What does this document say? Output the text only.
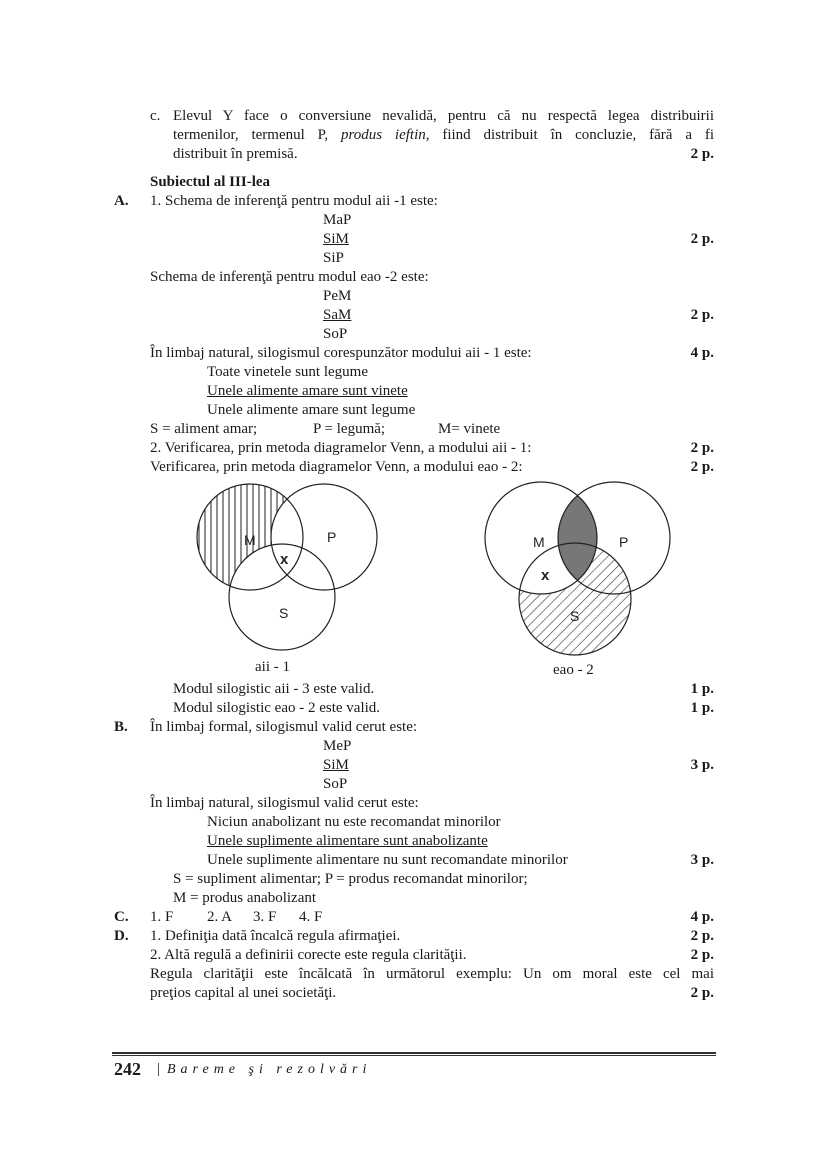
c. Elevul Y face o conversiune nevalidă, pentru că nu respectă legea distribuirii
termenilor, termenul P, produs ieftin, fiind distribuit în concluzie, fără a fi
distribuit în premisă.	2 p.
Subiectul al III-lea
A. 1. Schema de inferenţă pentru modul aii -1 este:
MaP
SiM	2 p.
SiP
Schema de inferenţă pentru modul eao -2 este:
PeM
SaM	2 p.
SoP
În limbaj natural, silogismul corespunzător modului aii - 1 este:	4 p.
Toate vinetele sunt legume
Unele alimente amare sunt vinete
Unele alimente amare sunt legume
S = aliment amar;	P = legumă;	M= vinete
2. Verificarea, prin metoda diagramelor Venn, a modului aii - 1:	2 p.
Verificarea, prin metoda diagramelor Venn, a modului eao - 2:	2 p.
M	P
S
x
aii - 1
M	P
S
x
eao - 2
Modul silogistic aii - 3 este valid.	1 p.
Modul silogistic eao - 2 este valid.	1 p.
B. În limbaj formal, silogismul valid cerut este:
MeP
SiM	3 p.
SoP
În limbaj natural, silogismul valid cerut este:
Niciun anabolizant nu este recomandat minorilor
Unele suplimente alimentare sunt anabolizante
Unele suplimente alimentare nu sunt recomandate minorilor	3 p.
S = supliment alimentar; P = produs recomandat minorilor;
M = produs anabolizant
C. 1. F 2. A 3. F 4. F	4 p.
D. 1. Definiţia dată încalcă regula afirmaţiei.	2 p.
2. Altă regulă a definirii corecte este regula clarităţii.	2 p.
Regula clarităţii este încălcată în următorul exemplu: Un om moral este cel mai
preţios capital al unei societăţi.	2 p.
242 | Bareme şi rezolvări
